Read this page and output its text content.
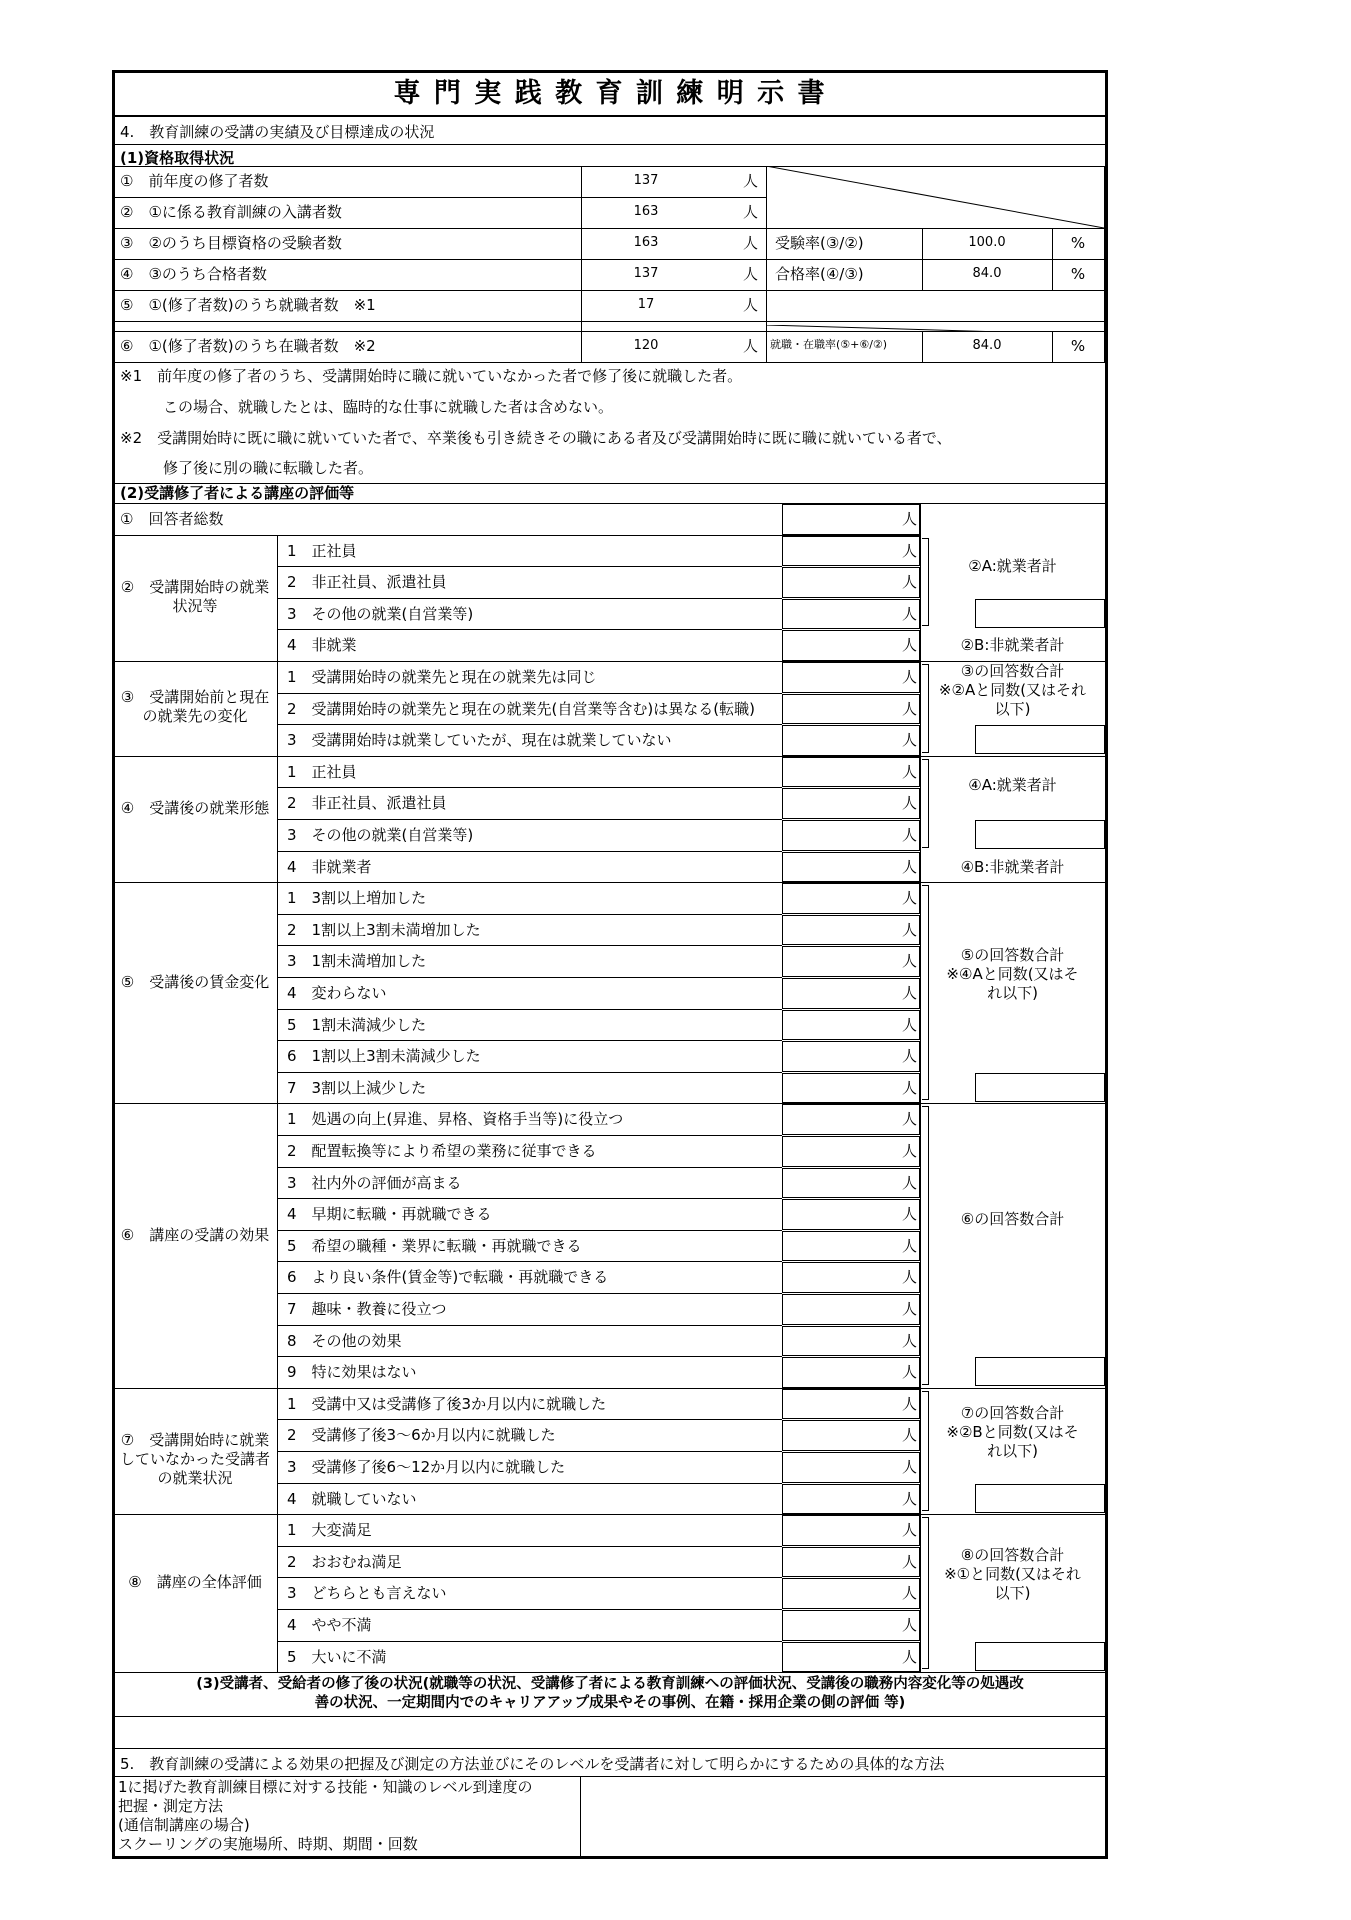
専 門 実 践 教 育 訓 練 明 示 書
4.　教育訓練の受講の実績及び目標達成の状況
(1)資格取得状況
※1　前年度の修了者のうち、受講開始時に職に就いていなかった者で修了後に就職した者。
この場合、就職したとは、臨時的な仕事に就職した者は含めない。
※2　受講開始時に既に職に就いていた者で、卒業後も引き続きその職にある者及び受講開始時に既に職に就いている者で、
修了後に別の職に転職した者。
(2)受講修了者による講座の評価等
(3)受講者、受給者の修了後の状況(就職等の状況、受講修了者による教育訓練への評価状況、受講後の職務内容変化等の処遇改
善の状況、一定期間内でのキャリアアップ成果やその事例、在籍・採用企業の側の評価 等)
5.　教育訓練の受講による効果の把握及び測定の方法並びにそのレベルを受講者に対して明らかにするための具体的な方法
1に掲げた教育訓練目標に対する技能・知識のレベル到達度の
把握・測定方法
(通信制講座の場合)
スクーリングの実施場所、時期、期間・回数
①　前年度の修了者数	137	人
②　①に係る教育訓練の入講者数	163	人
③　②のうち目標資格の受験者数	163	人
④　③のうち合格者数	137	人
⑤　①(修了者数)のうち就職者数　※1	17	人
⑥　①(修了者数)のうち在職者数　※2	120	人
受験率(③/②)	100.0	%
合格率(④/③)	84.0	%
就職・在職率(⑤+⑥/②)	84.0	%
①　回答者総数	人
②　受講開始時の就業状況等
1　正社員	人
2　非正社員、派遣社員	人
3　その他の就業(自営業等)	人
4　非就業	人
③　受講開始前と現在の就業先の変化
1　受講開始時の就業先と現在の就業先は同じ	人
2　受講開始時の就業先と現在の就業先(自営業等含む)は異なる(転職)	人
3　受講開始時は就業していたが、現在は就業していない	人
④　受講後の就業形態
1　正社員	人
2　非正社員、派遣社員	人
3　その他の就業(自営業等)	人
4　非就業者	人
⑤　受講後の賃金変化
1　3割以上増加した	人
2　1割以上3割未満増加した	人
3　1割未満増加した	人
4　変わらない	人
5　1割未満減少した	人
6　1割以上3割未満減少した	人
7　3割以上減少した	人
⑥　講座の受講の効果
1　処遇の向上(昇進、昇格、資格手当等)に役立つ	人
2　配置転換等により希望の業務に従事できる	人
3　社内外の評価が高まる	人
4　早期に転職・再就職できる	人
5　希望の職種・業界に転職・再就職できる	人
6　より良い条件(賃金等)で転職・再就職できる	人
7　趣味・教養に役立つ	人
8　その他の効果	人
9　特に効果はない	人
⑦　受講開始時に就業していなかった受講者の就業状況
1　受講中又は受講修了後3か月以内に就職した	人
2　受講修了後3～6か月以内に就職した	人
3　受講修了後6～12か月以内に就職した	人
4　就職していない	人
⑧　講座の全体評価
1　大変満足	人
2　おおむね満足	人
3　どちらとも言えない	人
4　やや不満	人
5　大いに不満	人
②A:就業者計
②B:非就業者計
③の回答数合計
※②Aと同数(又はそれ
以下)
④A:就業者計
④B:非就業者計
⑤の回答数合計
※④Aと同数(又はそ
れ以下)
⑥の回答数合計
⑦の回答数合計
※②Bと同数(又はそ
れ以下)
⑧の回答数合計
※①と同数(又はそれ
以下)
